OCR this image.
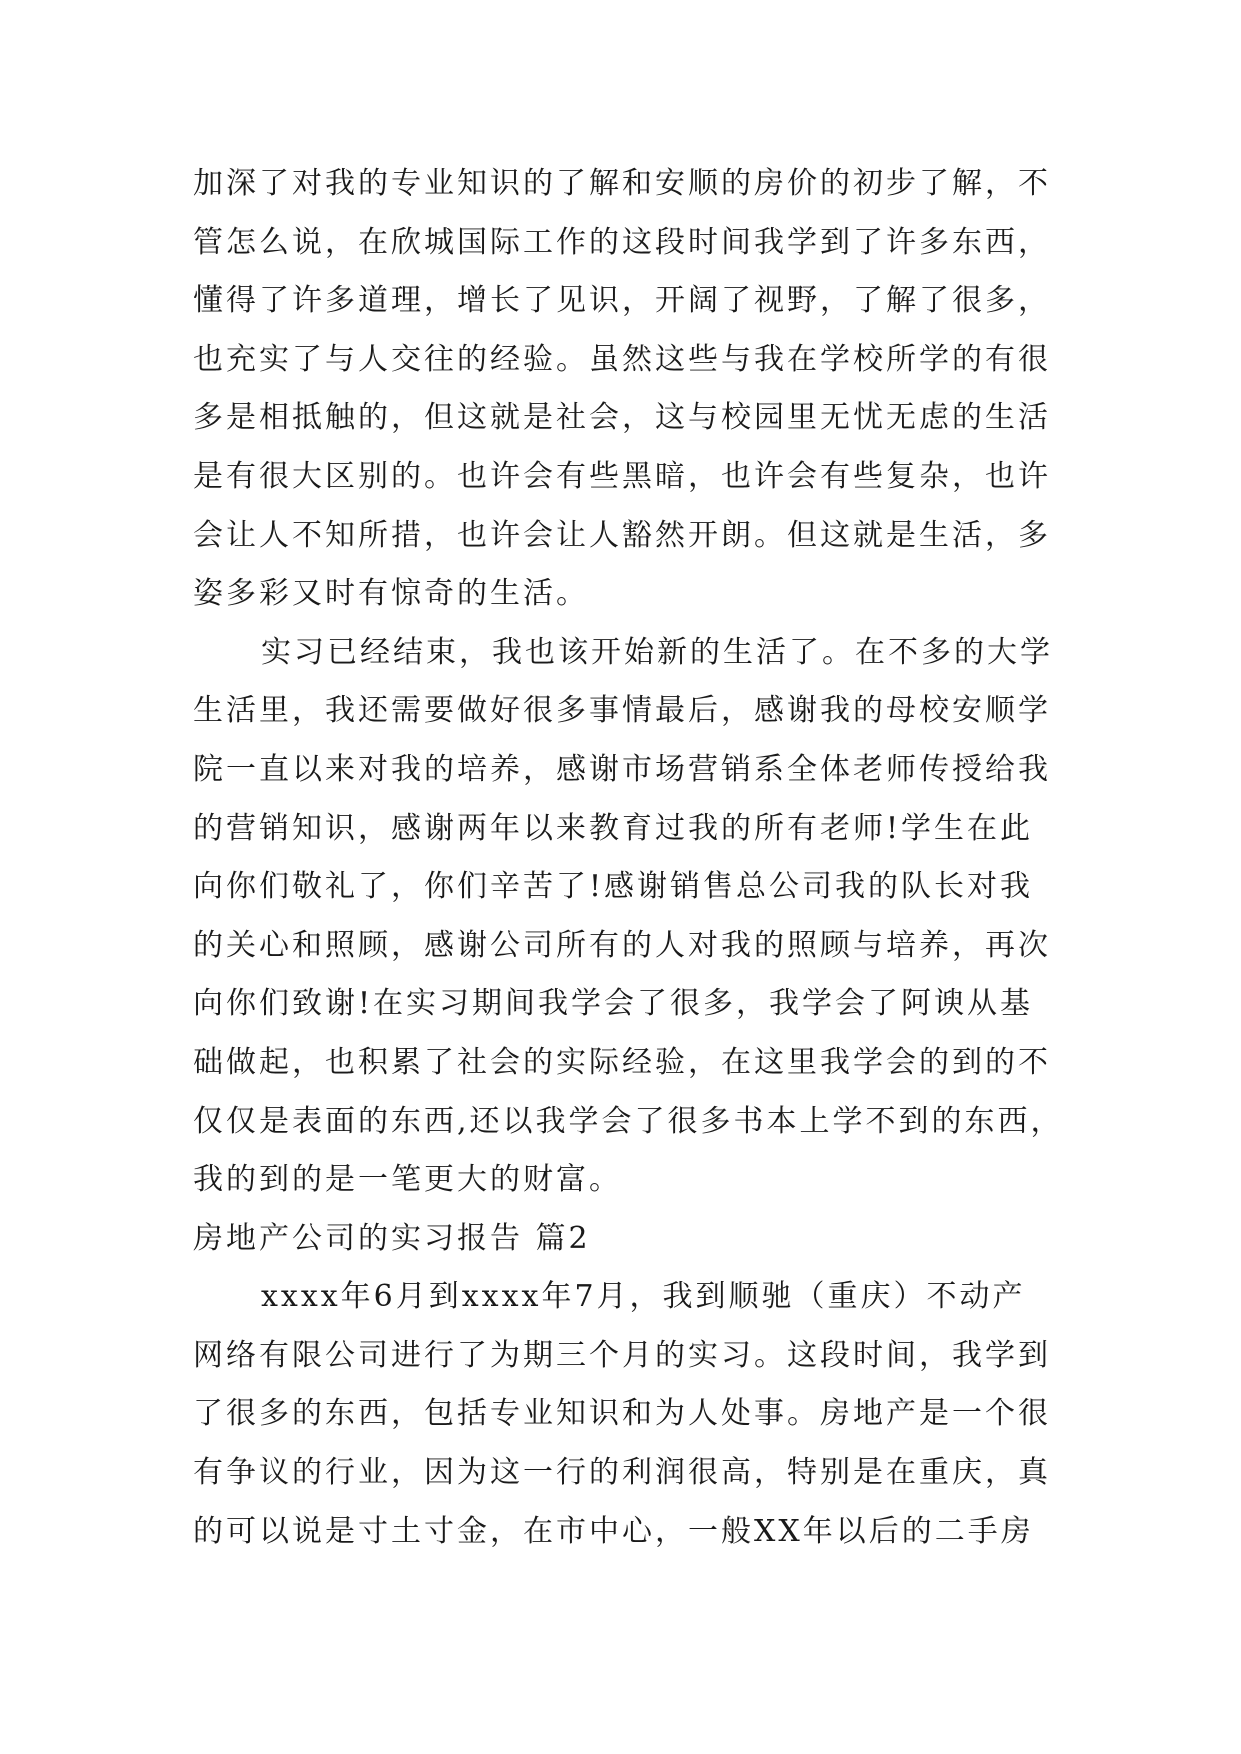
加深了对我的专业知识的了解和安顺的房价的初步了解，不
管怎么说，在欣城国际工作的这段时间我学到了许多东西，
懂得了许多道理，增长了见识，开阔了视野，了解了很多，
也充实了与人交往的经验。虽然这些与我在学校所学的有很
多是相抵触的，但这就是社会，这与校园里无忧无虑的生活
是有很大区别的。也许会有些黑暗，也许会有些复杂，也许
会让人不知所措，也许会让人豁然开朗。但这就是生活，多
姿多彩又时有惊奇的生活。
实习已经结束，我也该开始新的生活了。在不多的大学
生活里，我还需要做好很多事情最后，感谢我的母校安顺学
院一直以来对我的培养，感谢市场营销系全体老师传授给我
的营销知识，感谢两年以来教育过我的所有老师!学生在此
向你们敬礼了，你们辛苦了!感谢销售总公司我的队长对我
的关心和照顾，感谢公司所有的人对我的照顾与培养，再次
向你们致谢!在实习期间我学会了很多，我学会了阿谀从基
础做起，也积累了社会的实际经验，在这里我学会的到的不
仅仅是表面的东西,还以我学会了很多书本上学不到的东西，
我的到的是一笔更大的财富。
房地产公司的实习报告 篇2
xxxx年6月到xxxx年7月，我到顺驰（重庆）不动产
网络有限公司进行了为期三个月的实习。这段时间，我学到
了很多的东西，包括专业知识和为人处事。房地产是一个很
有争议的行业，因为这一行的利润很高，特别是在重庆，真
的可以说是寸土寸金，在市中心，一般XX年以后的二手房
